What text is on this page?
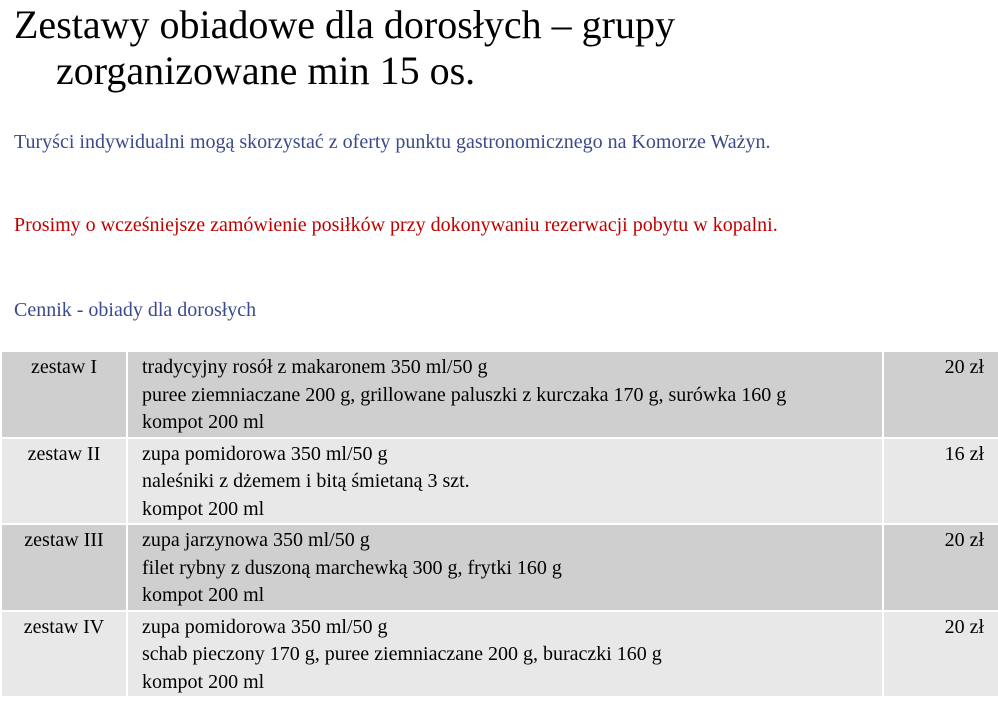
Zestawy obiadowe dla dorosłych – grupy

zorganizowane min 15 os.

Turyści indywidualni mogą skorzystać z oferty punktu gastronomicznego na Komorze Ważyn.

Prosimy o wcześniejsze zamówienie posiłków przy dokonywaniu rezerwacji pobytu w kopalni.

Cennik - obiady dla dorosłych

zestaw I	tradycyjny rosół z makaronem 350 ml/50 g
puree ziemniaczane 200 g, grillowane paluszki z kurczaka 170 g, surówka 160 g
kompot 200 ml	20 zł
zestaw II	zupa pomidorowa 350 ml/50 g
naleśniki z dżemem i bitą śmietaną 3 szt.
kompot 200 ml	16 zł
zestaw III	zupa jarzynowa 350 ml/50 g
filet rybny z duszoną marchewką 300 g, frytki 160 g
kompot 200 ml	20 zł
zestaw IV	zupa pomidorowa 350 ml/50 g
schab pieczony 170 g, puree ziemniaczane 200 g, buraczki 160 g
kompot 200 ml	20 zł
